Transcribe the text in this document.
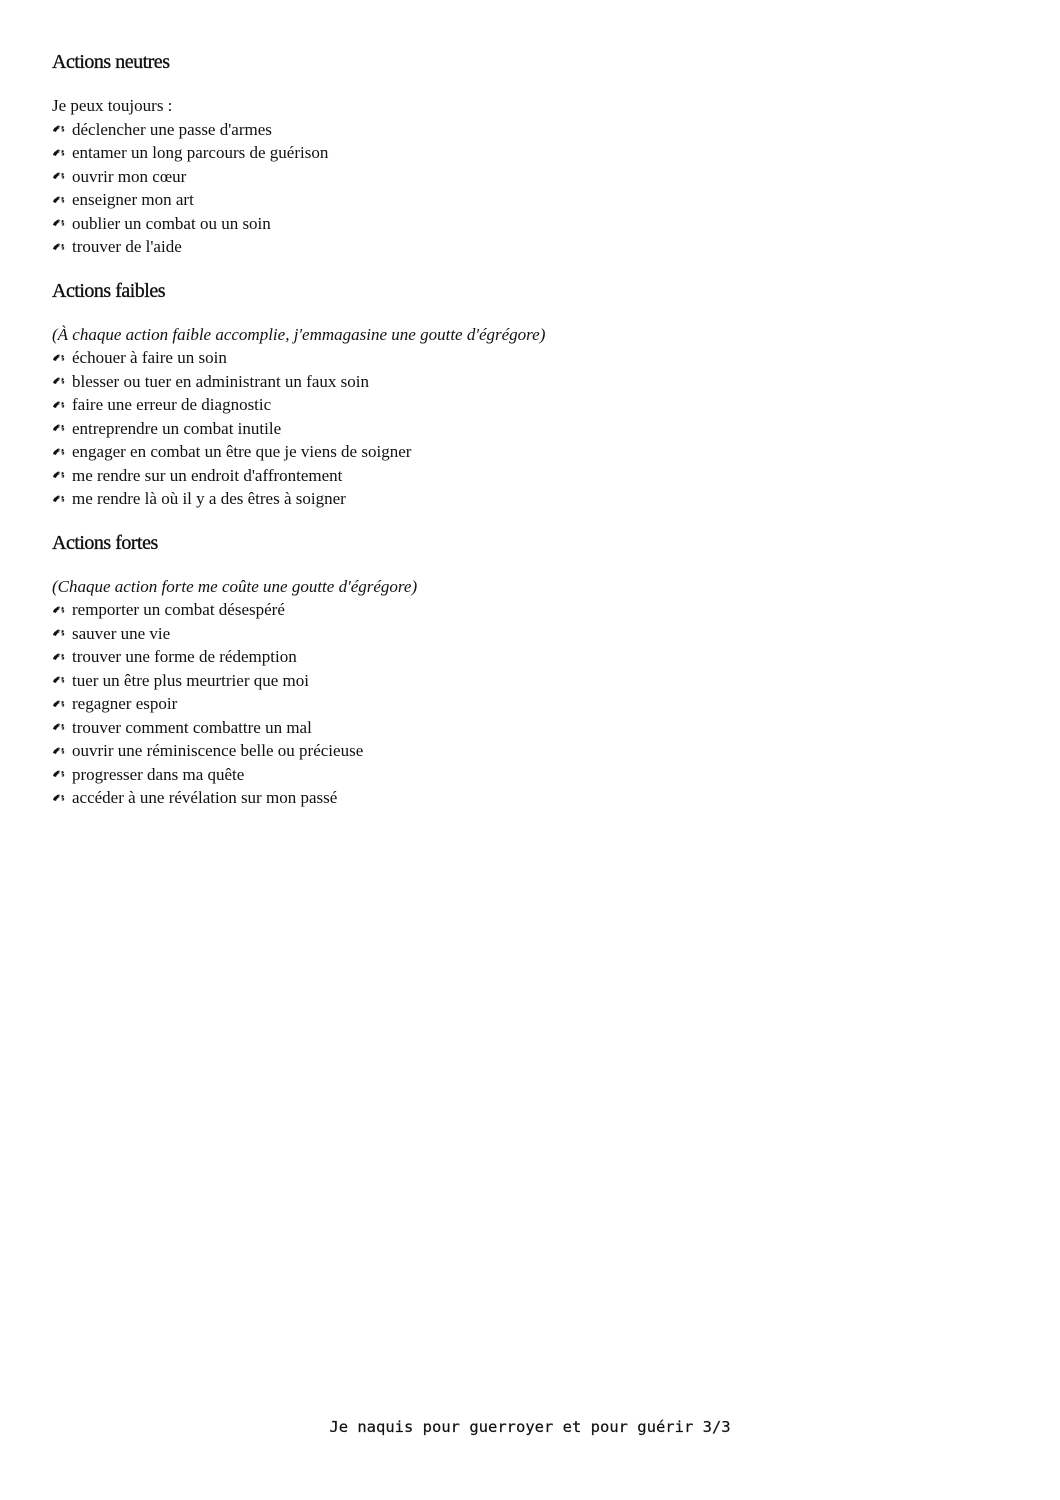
Actions neutres

Je peux toujours :

déclencher une passe d'armes
entamer un long parcours de guérison
ouvrir mon cœur
enseigner mon art
oublier un combat ou un soin
trouver de l'aide
Actions faibles

(À chaque action faible accomplie, j'emmagasine une goutte d'égrégore)

échouer à faire un soin
blesser ou tuer en administrant un faux soin
faire une erreur de diagnostic
entreprendre un combat inutile
engager en combat un être que je viens de soigner
me rendre sur un endroit d'affrontement
me rendre là où il y a des êtres à soigner
Actions fortes

(Chaque action forte me coûte une goutte d'égrégore)

remporter un combat désespéré
sauver une vie
trouver une forme de rédemption
tuer un être plus meurtrier que moi
regagner espoir
trouver comment combattre un mal
ouvrir une réminiscence belle ou précieuse
progresser dans ma quête
accéder à une révélation sur mon passé
Je naquis pour guerroyer et pour guérir 3/3
